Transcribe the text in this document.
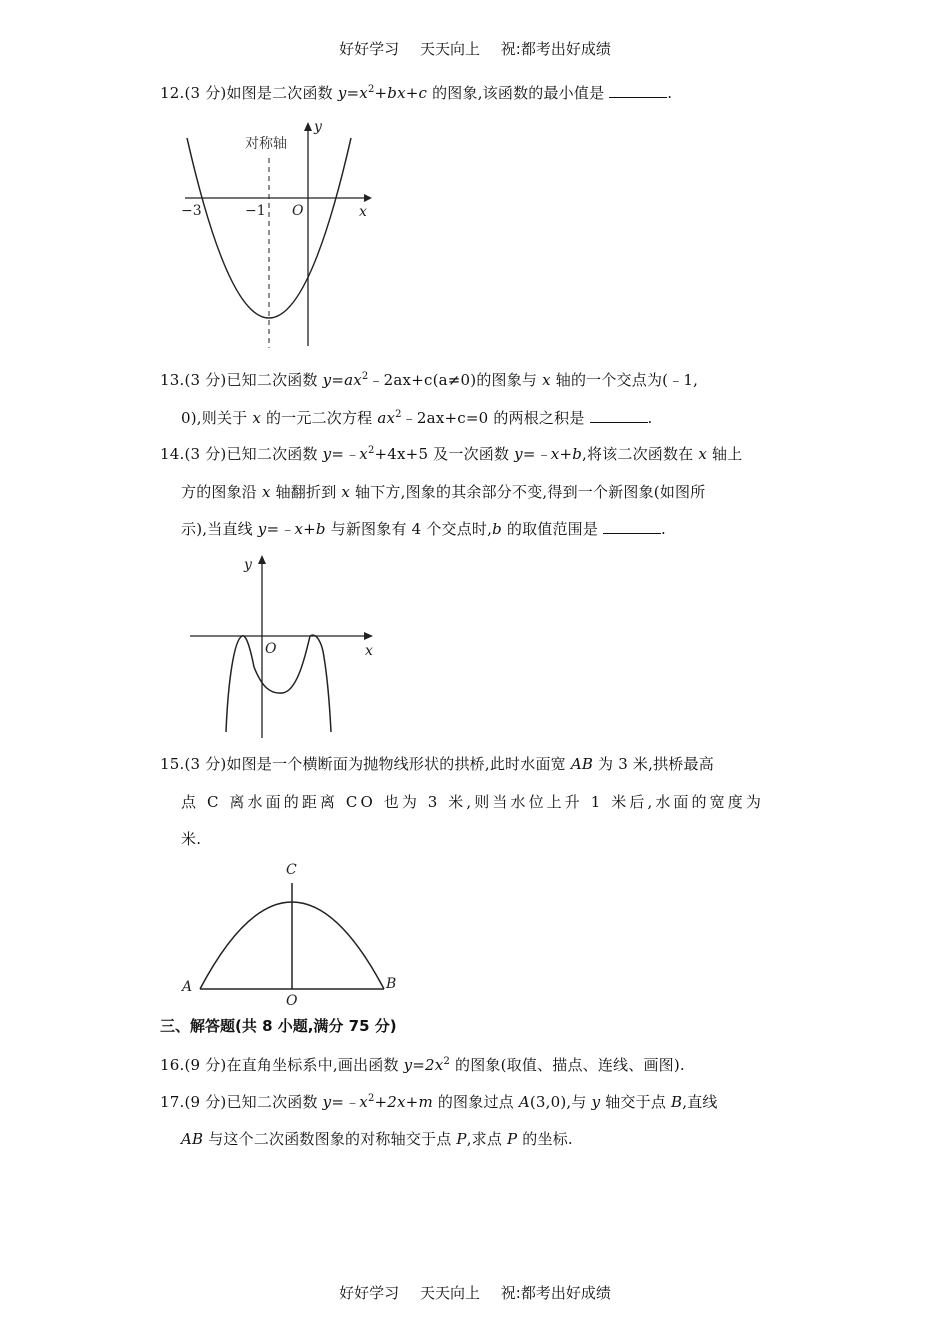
好好学习 天天向上 祝:都考出好成绩
12.(3 分)如图是二次函数 $y=x^2+bx+c$ 的图象,该函数的最小值是	.
对称轴
y
x
O
−3	−1
13.(3 分)已知二次函数 $y=ax^2﹣2ax+c(a\ne 0)$的图象与 x 轴的一个交点为(﹣1,
0),则关于 x 的一元二次方程 $ax^2﹣2ax+c=0$ 的两根之积是	.
14.(3 分)已知二次函数 $y=﹣x^2+4x+5$ 及一次函数 y=﹣x+b,将该二次函数在 x 轴上
方的图象沿 x 轴翻折到 x 轴下方,图象的其余部分不变,得到一个新图象(如图所
示),当直线 y=﹣x+b 与新图象有 4 个交点时,b 的取值范围是	.
y
x
O
15.(3 分)如图是一个横断面为抛物线形状的拱桥,此时水面宽 AB 为 3 米,拱桥最高
点 C 离水面的距离 CO 也为 3 米,则当水位上升 1 米后,水面的宽度为
米.
C
A	B
O
三、解答题(共 8 小题,满分 75 分)
16.(9 分)在直角坐标系中,画出函数 $y=2x^2$ 的图象(取值、描点、连线、画图).
17.(9 分)已知二次函数 $y=﹣x^2+2x+m$ 的图象过点 A(3,0),与 y 轴交于点 B,直线
AB 与这个二次函数图象的对称轴交于点 P,求点 P 的坐标.
好好学习 天天向上 祝:都考出好成绩
